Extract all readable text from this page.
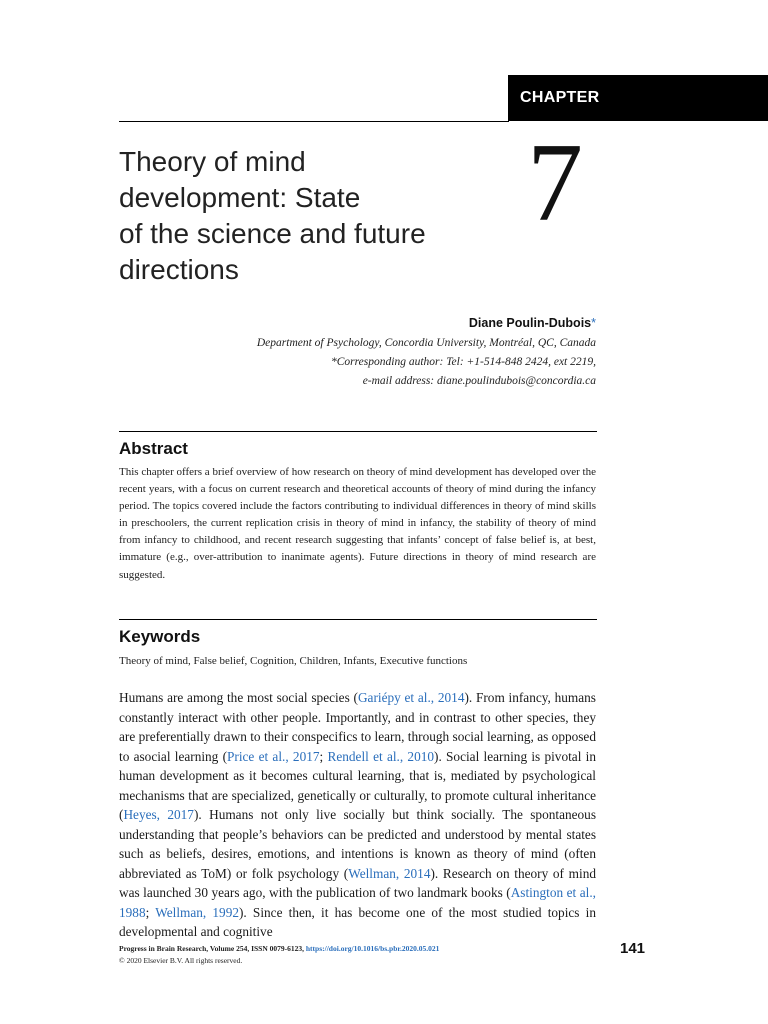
CHAPTER
Theory of mind
development: State
of the science and future
directions
7
Diane Poulin-Dubois*
Department of Psychology, Concordia University, Montréal, QC, Canada
*Corresponding author: Tel: +1-514-848 2424, ext 2219,
e-mail address: diane.poulindubois@concordia.ca
Abstract
This chapter offers a brief overview of how research on theory of mind development has developed over the recent years, with a focus on current research and theoretical accounts of theory of mind during the infancy period. The topics covered include the factors contributing to individual differences in theory of mind skills in preschoolers, the current replication crisis in theory of mind in infancy, the stability of theory of mind from infancy to childhood, and recent research suggesting that infants’ concept of false belief is, at best, immature (e.g., over-attribution to inanimate agents). Future directions in theory of mind research are suggested.
Keywords
Theory of mind, False belief, Cognition, Children, Infants, Executive functions
Humans are among the most social species (Gariépy et al., 2014). From infancy, humans constantly interact with other people. Importantly, and in contrast to other species, they are preferentially drawn to their conspecifics to learn, through social learning, as opposed to asocial learning (Price et al., 2017; Rendell et al., 2010). Social learning is pivotal in human development as it becomes cultural learning, that is, mediated by psychological mechanisms that are specialized, genetically or culturally, to promote cultural inheritance (Heyes, 2017). Humans not only live socially but think socially. The spontaneous understanding that people’s behaviors can be predicted and understood by mental states such as beliefs, desires, emotions, and intentions is known as theory of mind (often abbreviated as ToM) or folk psychology (Wellman, 2014). Research on theory of mind was launched 30 years ago, with the publication of two landmark books (Astington et al., 1988; Wellman, 1992). Since then, it has become one of the most studied topics in developmental and cognitive
Progress in Brain Research, Volume 254, ISSN 0079-6123, https://doi.org/10.1016/bs.pbr.2020.05.021
© 2020 Elsevier B.V. All rights reserved.
141
